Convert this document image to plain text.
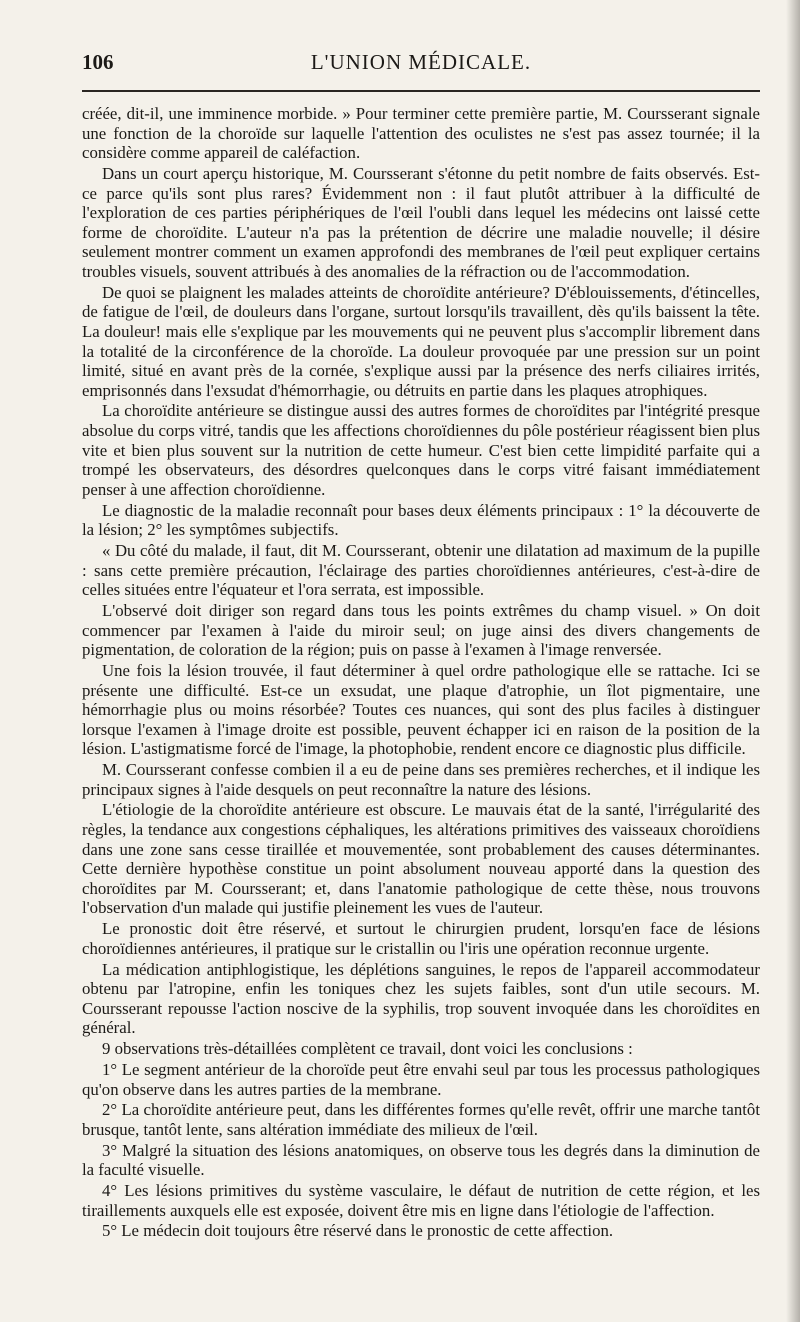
106	L'UNION MÉDICALE.

créée, dit-il, une imminence morbide. » Pour terminer cette première partie, M. Coursserant signale une fonction de la choroïde sur laquelle l'attention des oculistes ne s'est pas assez tournée; il la considère comme appareil de caléfaction.

Dans un court aperçu historique, M. Coursserant s'étonne du petit nombre de faits observés. Est-ce parce qu'ils sont plus rares? Évidemment non : il faut plutôt attribuer à la difficulté de l'exploration de ces parties périphériques de l'œil l'oubli dans lequel les médecins ont laissé cette forme de choroïdite. L'auteur n'a pas la prétention de décrire une maladie nouvelle; il désire seulement montrer comment un examen approfondi des membranes de l'œil peut expliquer certains troubles visuels, souvent attribués à des anomalies de la réfraction ou de l'accommodation.

De quoi se plaignent les malades atteints de choroïdite antérieure? D'éblouissements, d'étincelles, de fatigue de l'œil, de douleurs dans l'organe, surtout lorsqu'ils travaillent, dès qu'ils baissent la tête. La douleur! mais elle s'explique par les mouvements qui ne peuvent plus s'accomplir librement dans la totalité de la circonférence de la choroïde. La douleur provoquée par une pression sur un point limité, situé en avant près de la cornée, s'explique aussi par la présence des nerfs ciliaires irrités, emprisonnés dans l'exsudat d'hémorrhagie, ou détruits en partie dans les plaques atrophiques.

La choroïdite antérieure se distingue aussi des autres formes de choroïdites par l'intégrité presque absolue du corps vitré, tandis que les affections choroïdiennes du pôle postérieur réagissent bien plus vite et bien plus souvent sur la nutrition de cette humeur. C'est bien cette limpidité parfaite qui a trompé les observateurs, des désordres quelconques dans le corps vitré faisant immédiatement penser à une affection choroïdienne.

Le diagnostic de la maladie reconnaît pour bases deux éléments principaux : 1° la découverte de la lésion; 2° les symptômes subjectifs.

« Du côté du malade, il faut, dit M. Coursserant, obtenir une dilatation ad maximum de la pupille : sans cette première précaution, l'éclairage des parties choroïdiennes antérieures, c'est-à-dire de celles situées entre l'équateur et l'ora serrata, est impossible.

L'observé doit diriger son regard dans tous les points extrêmes du champ visuel. » On doit commencer par l'examen à l'aide du miroir seul; on juge ainsi des divers changements de pigmentation, de coloration de la région; puis on passe à l'examen à l'image renversée.

Une fois la lésion trouvée, il faut déterminer à quel ordre pathologique elle se rattache. Ici se présente une difficulté. Est-ce un exsudat, une plaque d'atrophie, un îlot pigmentaire, une hémorrhagie plus ou moins résorbée? Toutes ces nuances, qui sont des plus faciles à distinguer lorsque l'examen à l'image droite est possible, peuvent échapper ici en raison de la position de la lésion. L'astigmatisme forcé de l'image, la photophobie, rendent encore ce diagnostic plus difficile.

M. Coursserant confesse combien il a eu de peine dans ses premières recherches, et il indique les principaux signes à l'aide desquels on peut reconnaître la nature des lésions.

L'étiologie de la choroïdite antérieure est obscure. Le mauvais état de la santé, l'irrégularité des règles, la tendance aux congestions céphaliques, les altérations primitives des vaisseaux choroïdiens dans une zone sans cesse tiraillée et mouvementée, sont probablement des causes déterminantes. Cette dernière hypothèse constitue un point absolument nouveau apporté dans la question des choroïdites par M. Coursserant; et, dans l'anatomie pathologique de cette thèse, nous trouvons l'observation d'un malade qui justifie pleinement les vues de l'auteur.

Le pronostic doit être réservé, et surtout le chirurgien prudent, lorsqu'en face de lésions choroïdiennes antérieures, il pratique sur le cristallin ou l'iris une opération reconnue urgente.

La médication antiphlogistique, les déplétions sanguines, le repos de l'appareil accommodateur obtenu par l'atropine, enfin les toniques chez les sujets faibles, sont d'un utile secours. M. Coursserant repousse l'action noscive de la syphilis, trop souvent invoquée dans les choroïdites en général.

9 observations très-détaillées complètent ce travail, dont voici les conclusions :

1° Le segment antérieur de la choroïde peut être envahi seul par tous les processus pathologiques qu'on observe dans les autres parties de la membrane.

2° La choroïdite antérieure peut, dans les différentes formes qu'elle revêt, offrir une marche tantôt brusque, tantôt lente, sans altération immédiate des milieux de l'œil.

3° Malgré la situation des lésions anatomiques, on observe tous les degrés dans la diminution de la faculté visuelle.

4° Les lésions primitives du système vasculaire, le défaut de nutrition de cette région, et les tiraillements auxquels elle est exposée, doivent être mis en ligne dans l'étiologie de l'affection.

5° Le médecin doit toujours être réservé dans le pronostic de cette affection.
